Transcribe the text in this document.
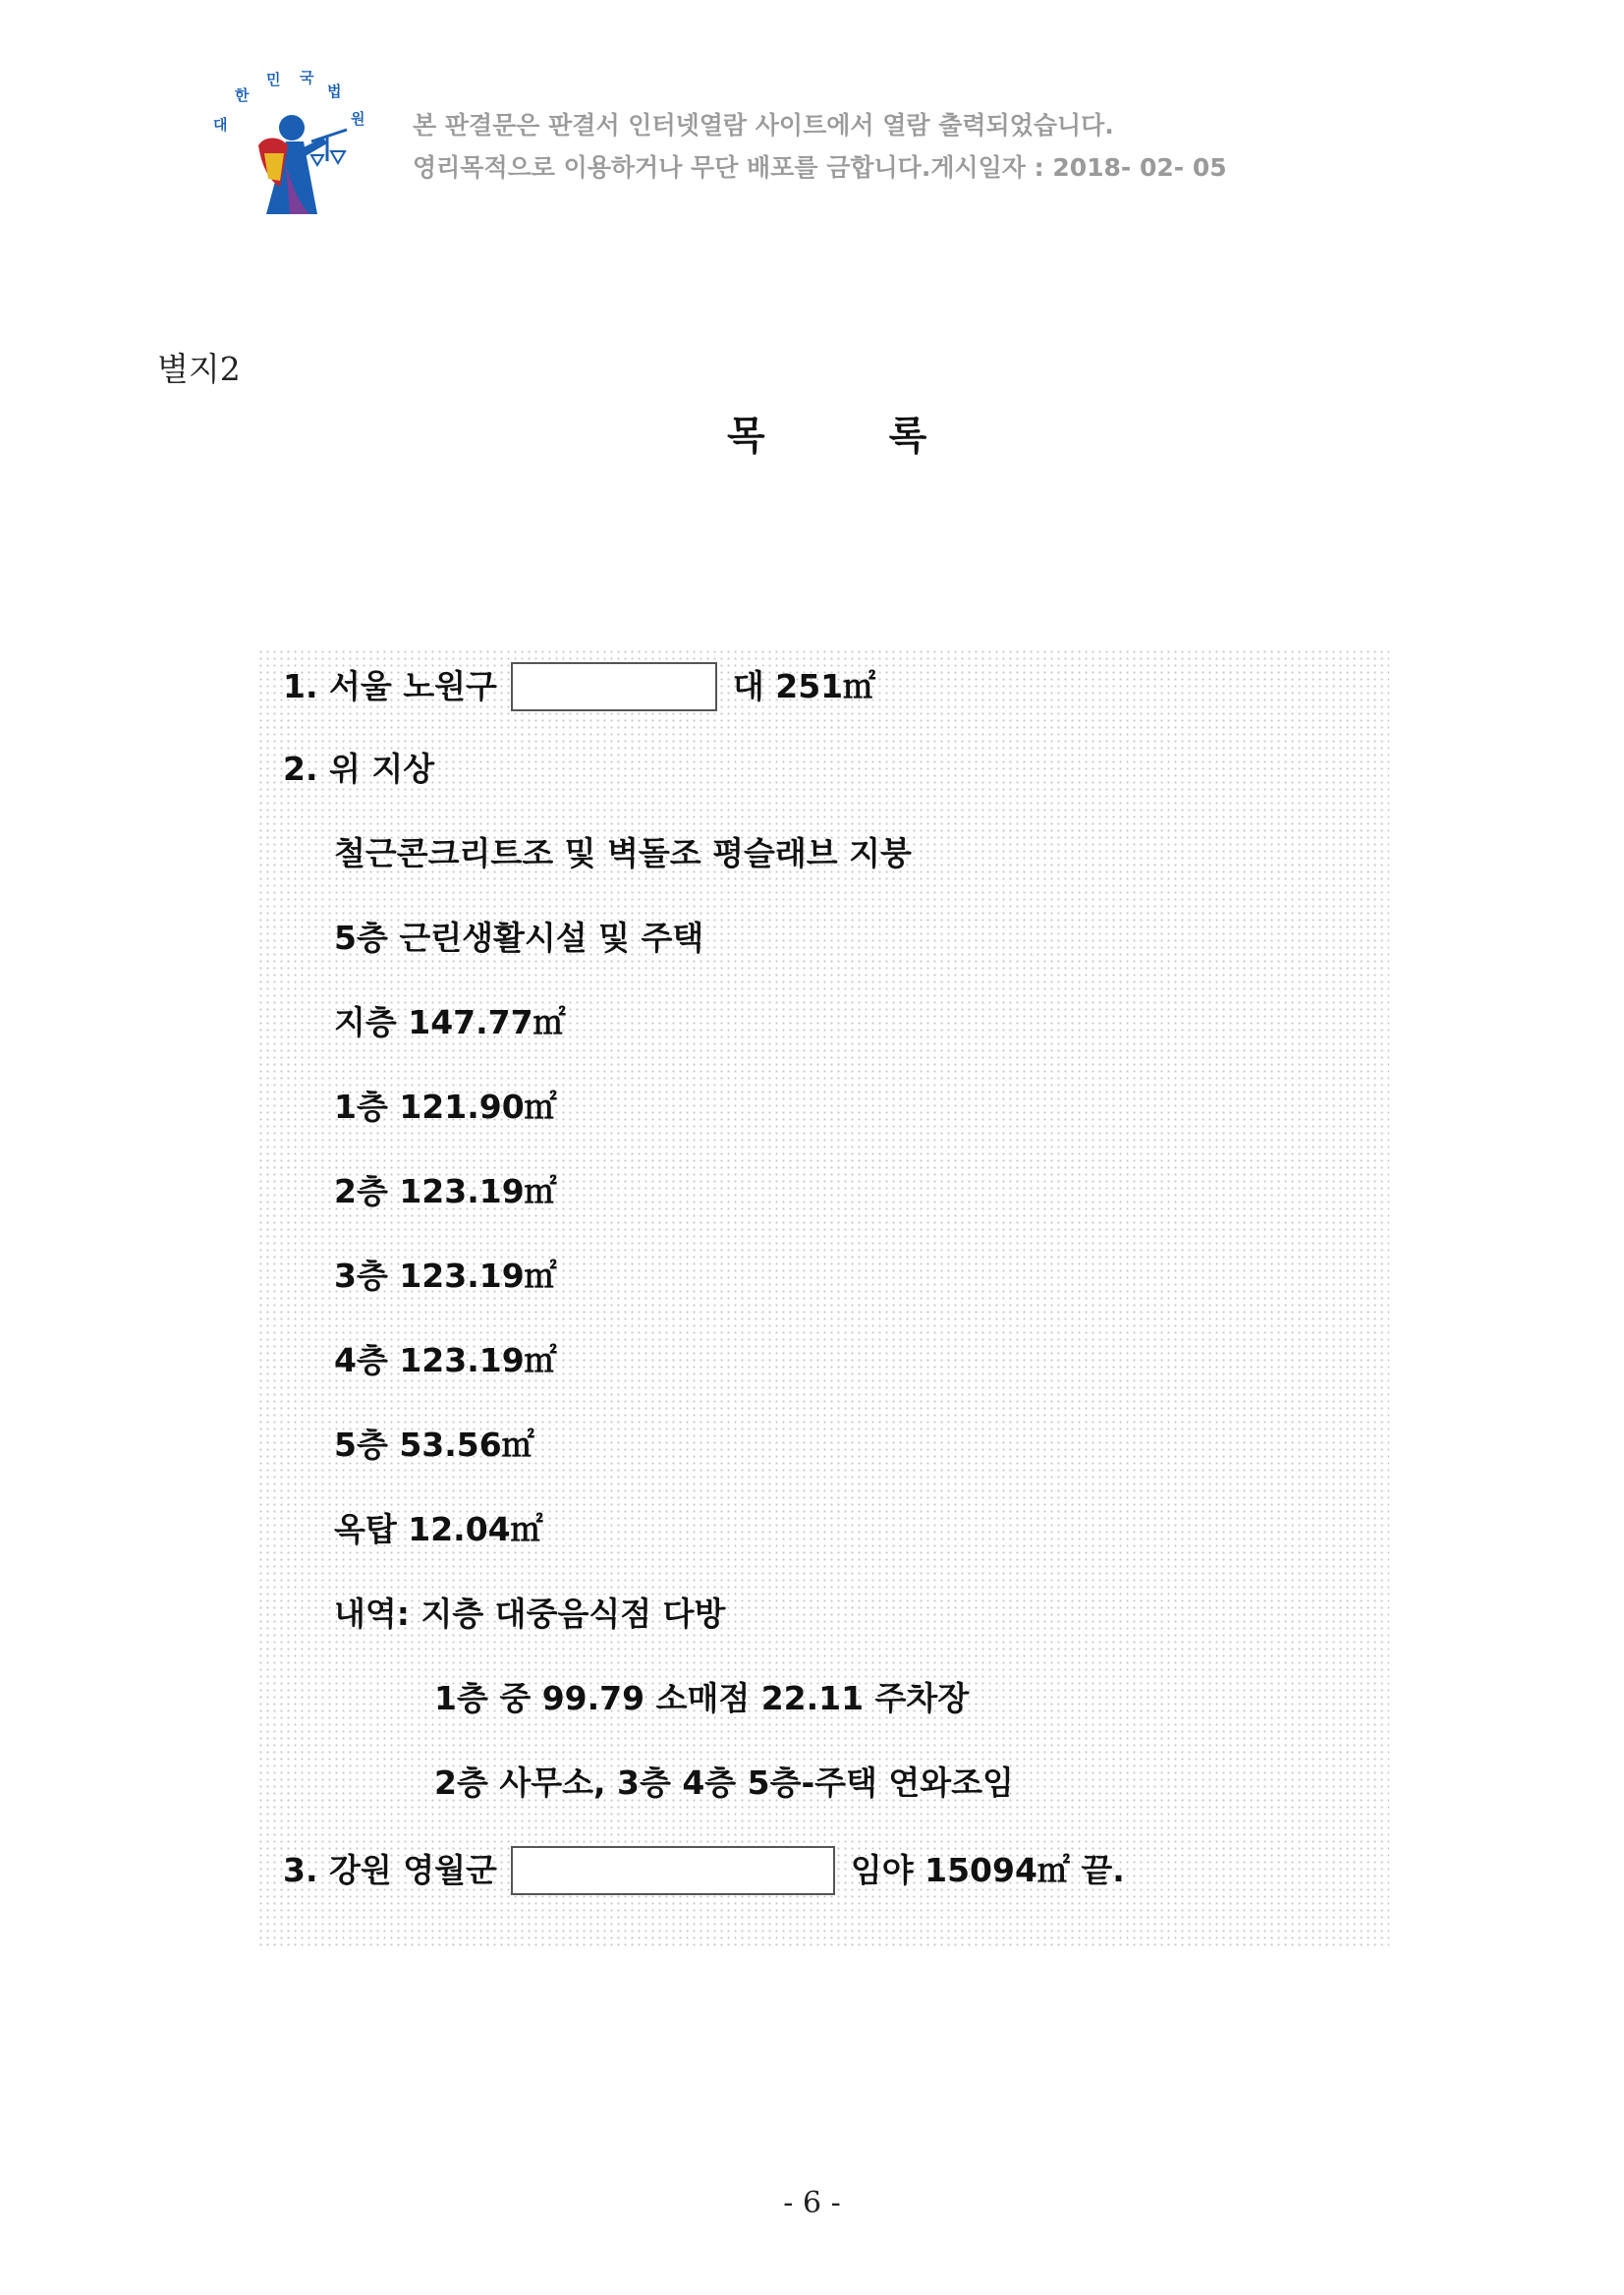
대
한
민 국
법
원 본 판결문은 판결서 인터넷열람 사이트에서 열람 출력되었습니다.
영리목적으로 이용하거나 무단 배포를 금합니다.게시일자 : 2018- 02- 05
별지2
목 록
1. 서울 노원구	대 251㎡
2. 위 지상
철근콘크리트조 및 벽돌조 평슬래브 지붕
5층 근린생활시설 및 주택
지층 147.77㎡
1층 121.90㎡
2층 123.19㎡
3층 123.19㎡
4층 123.19㎡
5층 53.56㎡
옥탑 12.04㎡
내역: 지층 대중음식점 다방
1층 중 99.79 소매점 22.11 주차장
2층 사무소, 3층 4층 5층-주택 연와조임
3. 강원 영월군	임야 15094㎡ 끝.
- 6 -
